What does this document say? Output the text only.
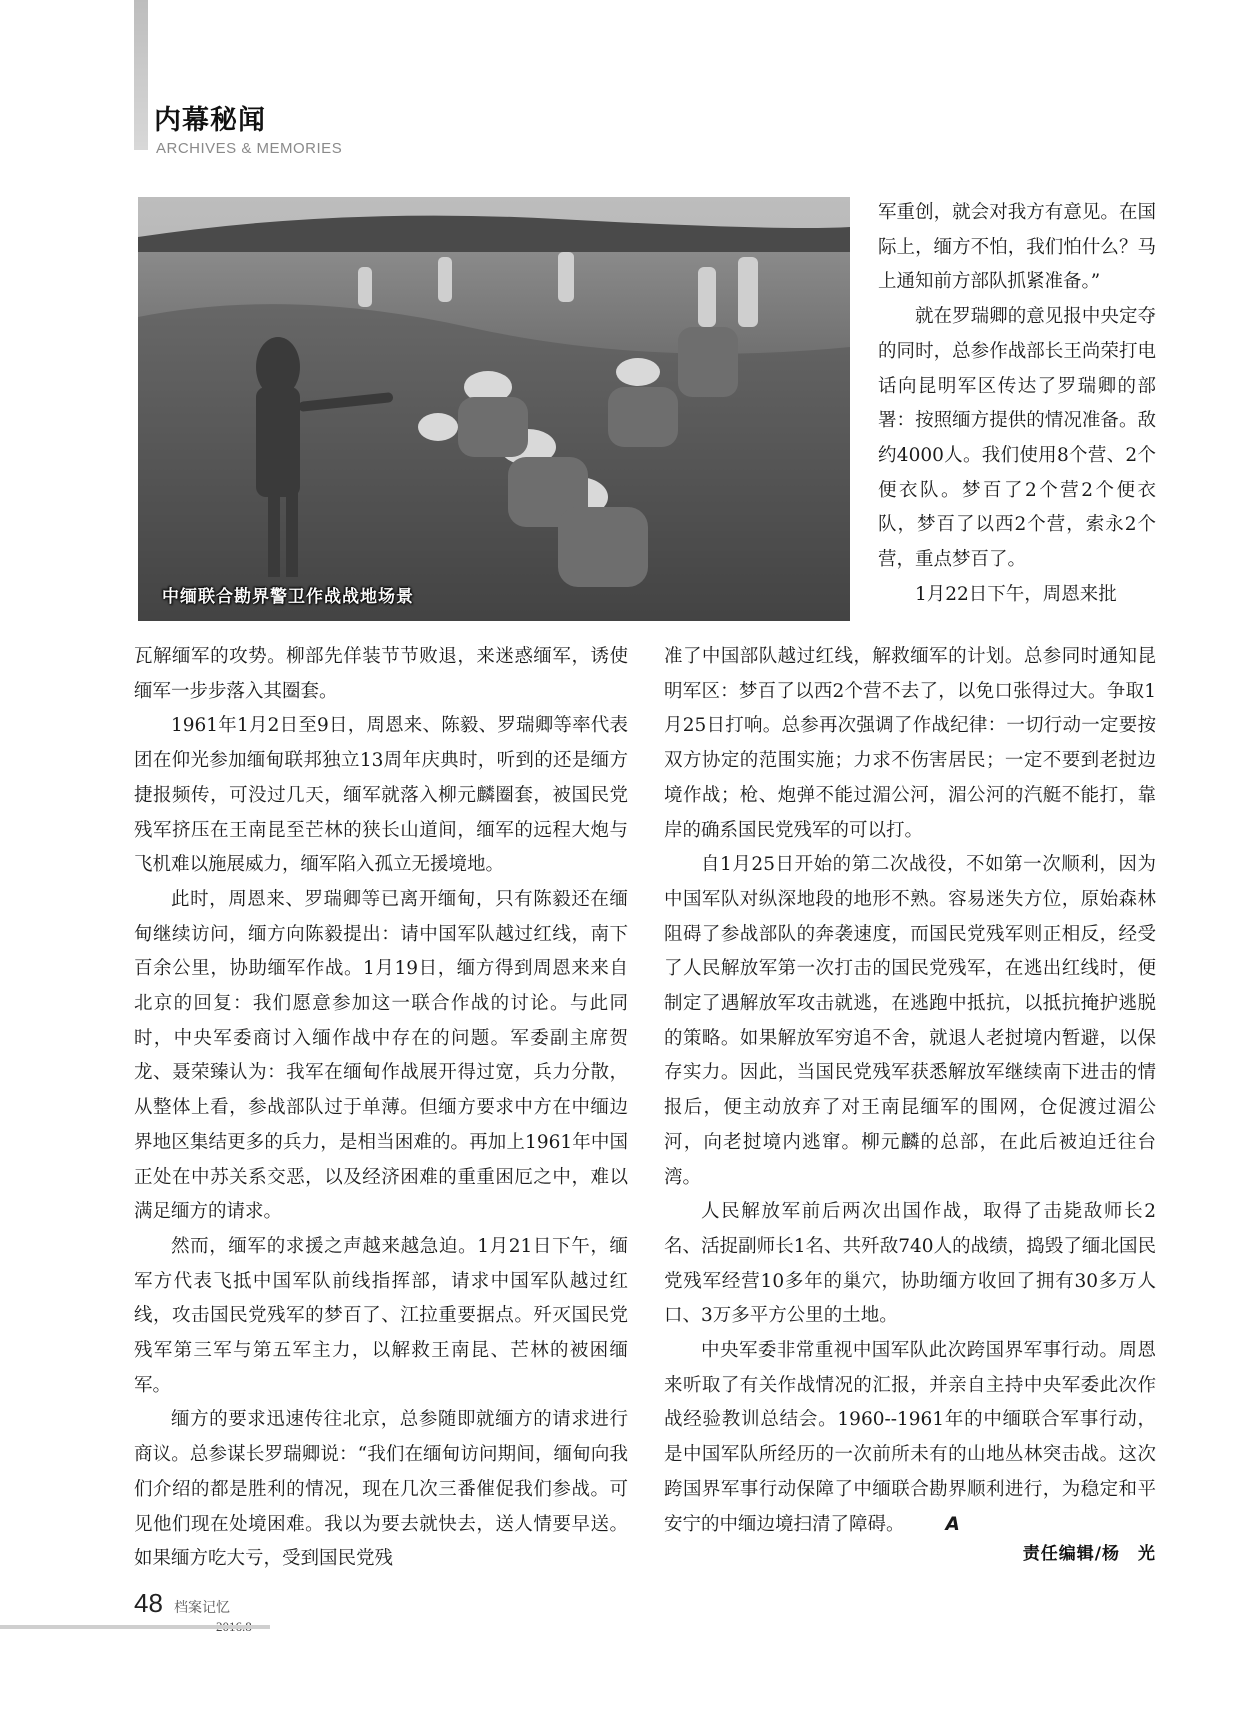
内幕秘闻
ARCHIVES & MEMORIES
中缅联合勘界警卫作战战地场景

军重创，就会对我方有意见。在国际上，缅方不怕，我们怕什么？马上通知前方部队抓紧准备。”

就在罗瑞卿的意见报中央定夺的同时，总参作战部长王尚荣打电话向昆明军区传达了罗瑞卿的部署：按照缅方提供的情况准备。敌约4000人。我们使用8个营、2个便衣队。梦百了2个营2个便衣队，梦百了以西2个营，索永2个营，重点梦百了。

1月22日下午，周恩来批

瓦解缅军的攻势。柳部先佯装节节败退，来迷惑缅军，诱使缅军一步步落入其圈套。

1961年1月2日至9日，周恩来、陈毅、罗瑞卿等率代表团在仰光参加缅甸联邦独立13周年庆典时，听到的还是缅方捷报频传，可没过几天，缅军就落入柳元麟圈套，被国民党残军挤压在王南昆至芒林的狭长山道间，缅军的远程大炮与飞机难以施展威力，缅军陷入孤立无援境地。

此时，周恩来、罗瑞卿等已离开缅甸，只有陈毅还在缅甸继续访问，缅方向陈毅提出：请中国军队越过红线，南下百余公里，协助缅军作战。1月19日，缅方得到周恩来来自北京的回复：我们愿意参加这一联合作战的讨论。与此同时，中央军委商讨入缅作战中存在的问题。军委副主席贺龙、聂荣臻认为：我军在缅甸作战展开得过宽，兵力分散，从整体上看，参战部队过于单薄。但缅方要求中方在中缅边界地区集结更多的兵力，是相当困难的。再加上1961年中国正处在中苏关系交恶，以及经济困难的重重困厄之中，难以满足缅方的请求。

然而，缅军的求援之声越来越急迫。1月21日下午，缅军方代表飞抵中国军队前线指挥部，请求中国军队越过红线，攻击国民党残军的梦百了、江拉重要据点。歼灭国民党残军第三军与第五军主力，以解救王南昆、芒林的被困缅军。

缅方的要求迅速传往北京，总参随即就缅方的请求进行商议。总参谋长罗瑞卿说：“我们在缅甸访问期间，缅甸向我们介绍的都是胜利的情况，现在几次三番催促我们参战。可见他们现在处境困难。我以为要去就快去，送人情要早送。如果缅方吃大亏，受到国民党残

准了中国部队越过红线，解救缅军的计划。总参同时通知昆明军区：梦百了以西2个营不去了，以免口张得过大。争取1月25日打响。总参再次强调了作战纪律：一切行动一定要按双方协定的范围实施；力求不伤害居民；一定不要到老挝边境作战；枪、炮弹不能过湄公河，湄公河的汽艇不能打，靠岸的确系国民党残军的可以打。

自1月25日开始的第二次战役，不如第一次顺利，因为中国军队对纵深地段的地形不熟。容易迷失方位，原始森林阻碍了参战部队的奔袭速度，而国民党残军则正相反，经受了人民解放军第一次打击的国民党残军，在逃出红线时，便制定了遇解放军攻击就逃，在逃跑中抵抗，以抵抗掩护逃脱的策略。如果解放军穷追不舍，就退人老挝境内暂避，以保存实力。因此，当国民党残军获悉解放军继续南下进击的情报后，便主动放弃了对王南昆缅军的围网，仓促渡过湄公河，向老挝境内逃窜。柳元麟的总部，在此后被迫迁往台湾。

人民解放军前后两次出国作战，取得了击毙敌师长2名、活捉副师长1名、共歼敌740人的战绩，捣毁了缅北国民党残军经营10多年的巢穴，协助缅方收回了拥有30多万人口、3万多平方公里的土地。

中央军委非常重视中国军队此次跨国界军事行动。周恩来听取了有关作战情况的汇报，并亲自主持中央军委此次作战经验教训总结会。1960--1961年的中缅联合军事行动，是中国军队所经历的一次前所未有的山地丛林突击战。这次跨国界军事行动保障了中缅联合勘界顺利进行，为稳定和平安宁的中缅边境扫清了障碍。 A

责任编辑/杨　光
48 档案记忆
